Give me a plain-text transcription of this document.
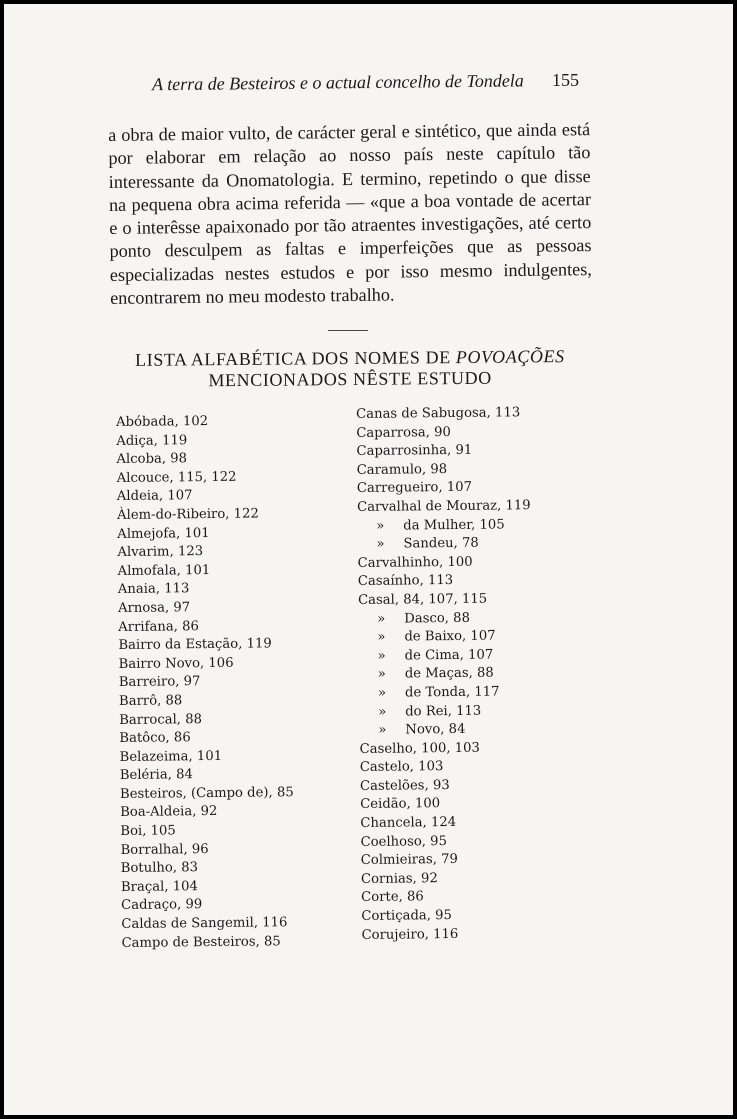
A terra de Besteiros e o actual concelho de Tondela	155

a obra de maior vulto, de carácter geral e sintético, que ainda está por elaborar em relação ao nosso país neste capítulo tão interessante da Onomatologia. E termino, repetindo o que disse na pequena obra acima referida — «que a boa vontade de acertar e o interêsse apaixonado por tão atraentes investigações, até certo ponto desculpem as faltas e imperfeições que as pessoas especializadas nestes estudos e por isso mesmo indulgentes, encontrarem no meu modesto trabalho.

LISTA ALFABÉTICA DOS NOMES DE POVOAÇÕES
MENCIONADOS NÊSTE ESTUDO
Abóbada, 102
Adiça, 119
Alcoba, 98
Alcouce, 115, 122
Aldeia, 107
Àlem-do-Ribeiro, 122
Almejofa, 101
Alvarim, 123
Almofala, 101
Anaia, 113
Arnosa, 97
Arrifana, 86
Bairro da Estação, 119
Bairro Novo, 106
Barreiro, 97
Barrô, 88
Barrocal, 88
Batôco, 86
Belazeima, 101
Beléria, 84
Besteiros, (Campo de), 85
Boa-Aldeia, 92
Boi, 105
Borralhal, 96
Botulho, 83
Braçal, 104
Cadraço, 99
Caldas de Sangemil, 116
Campo de Besteiros, 85
Canas de Sabugosa, 113
Caparrosa, 90
Caparrosinha, 91
Caramulo, 98
Carregueiro, 107
Carvalhal de Mouraz, 119
» da Mulher, 105
» Sandeu, 78
Carvalhinho, 100
Casaínho, 113
Casal, 84, 107, 115
» Dasco, 88
» de Baixo, 107
» de Cima, 107
» de Maças, 88
» de Tonda, 117
» do Rei, 113
» Novo, 84
Caselho, 100, 103
Castelo, 103
Castelões, 93
Ceidão, 100
Chancela, 124
Coelhoso, 95
Colmieiras, 79
Cornias, 92
Corte, 86
Cortiçada, 95
Corujeiro, 116
